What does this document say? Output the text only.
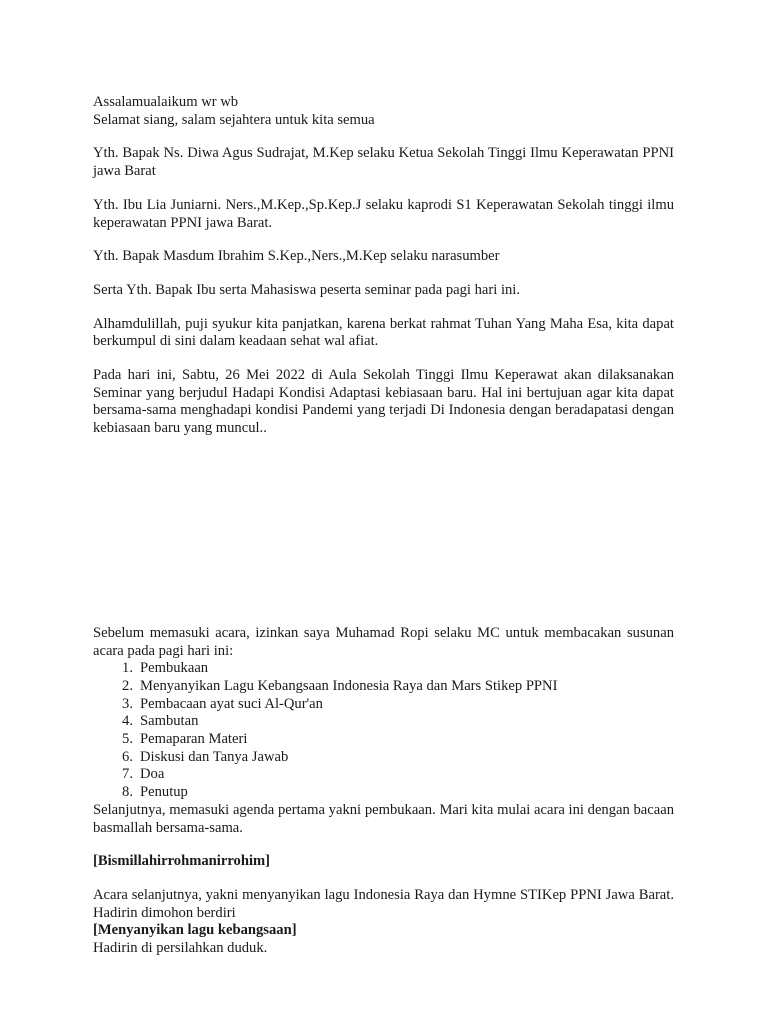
Assalamualaikum wr wb

Selamat siang, salam sejahtera untuk kita semua

Yth. Bapak Ns. Diwa Agus Sudrajat, M.Kep selaku Ketua Sekolah Tinggi Ilmu Keperawatan PPNI jawa Barat

Yth. Ibu Lia Juniarni. Ners.,M.Kep.,Sp.Kep.J selaku kaprodi S1 Keperawatan Sekolah tinggi ilmu keperawatan PPNI jawa Barat.

Yth. Bapak Masdum Ibrahim S.Kep.,Ners.,M.Kep selaku narasumber

Serta Yth. Bapak Ibu serta Mahasiswa peserta seminar pada pagi hari ini.

Alhamdulillah, puji syukur kita panjatkan, karena berkat rahmat Tuhan Yang Maha Esa, kita dapat berkumpul di sini dalam keadaan sehat wal afiat.

Pada hari ini, Sabtu, 26 Mei 2022 di Aula Sekolah Tinggi Ilmu Keperawat akan dilaksanakan Seminar yang berjudul Hadapi Kondisi Adaptasi kebiasaan baru. Hal ini bertujuan agar kita dapat bersama-sama menghadapi kondisi Pandemi yang terjadi Di Indonesia dengan beradapatasi dengan kebiasaan baru yang muncul..

Sebelum memasuki acara, izinkan saya Muhamad Ropi selaku MC untuk membacakan susunan acara pada pagi hari ini:

1. Pembukaan
2. Menyanyikan Lagu Kebangsaan Indonesia Raya dan Mars Stikep PPNI
3. Pembacaan ayat suci Al-Qur'an
4. Sambutan
5. Pemaparan Materi
6. Diskusi dan Tanya Jawab
7. Doa
8. Penutup

Selanjutnya, memasuki agenda pertama yakni pembukaan. Mari kita mulai acara ini dengan bacaan basmallah bersama-sama.

[Bismillahirrohmanirrohim]

Acara selanjutnya, yakni menyanyikan lagu Indonesia Raya dan Hymne STIKep PPNI Jawa Barat. Hadirin dimohon berdiri

[Menyanyikan lagu kebangsaan]

Hadirin di persilahkan duduk.
